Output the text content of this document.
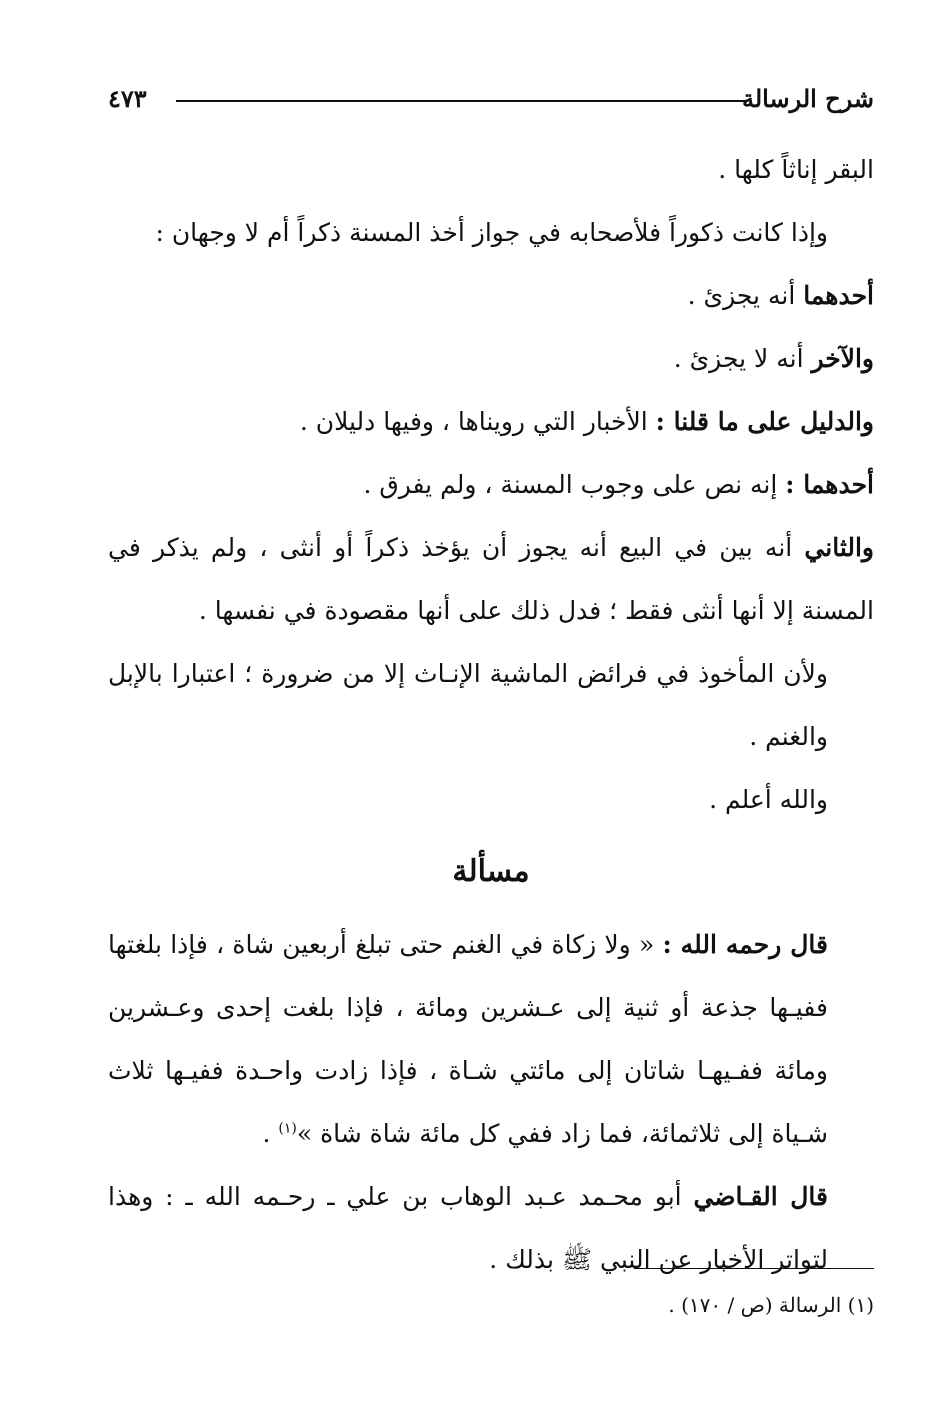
شرح الرسالة
٤٧٣

البقر إناثاً كلها .

وإذا كانت ذكوراً فلأصحابه في جواز أخذ المسنة ذكراً أم لا وجهان :

أحدهما أنه يجزئ .

والآخر أنه لا يجزئ .

والدليل على ما قلنا : الأخبار التي رويناها ، وفيها دليلان .

أحدهما : إنه نص على وجوب المسنة ، ولم يفرق .

والثاني أنه بين في البيع أنه يجوز أن يؤخذ ذكراً أو أنثى ، ولم يذكر في المسنة إلا أنها أنثى فقط ؛ فدل ذلك على أنها مقصودة في نفسها .

ولأن المأخوذ في فرائض الماشية الإنـاث إلا من ضرورة ؛ اعتبارا بالإبل والغنم .

والله أعلم .

مسألة

قال رحمه الله : « ولا زكاة في الغنم حتى تبلغ أربعين شاة ، فإذا بلغتها ففيـها جذعة أو ثنية إلى عـشرين ومائة ، فإذا بلغت إحدى وعـشرين ومائة ففـيهـا شاتان إلى مائتي شـاة ، فإذا زادت واحـدة ففيـها ثلاث شـياة إلى ثلاثمائة، فما زاد ففي كل مائة شاة شاة »$^{(١)}$ .

قال القـاضي أبو محـمد عـبد الوهاب بن علي ـ رحـمه الله ـ : وهذا لتواتر الأخبار عن النبي ﷺ بذلك .

(١) الرسالة (ص / ١٧٠) .
